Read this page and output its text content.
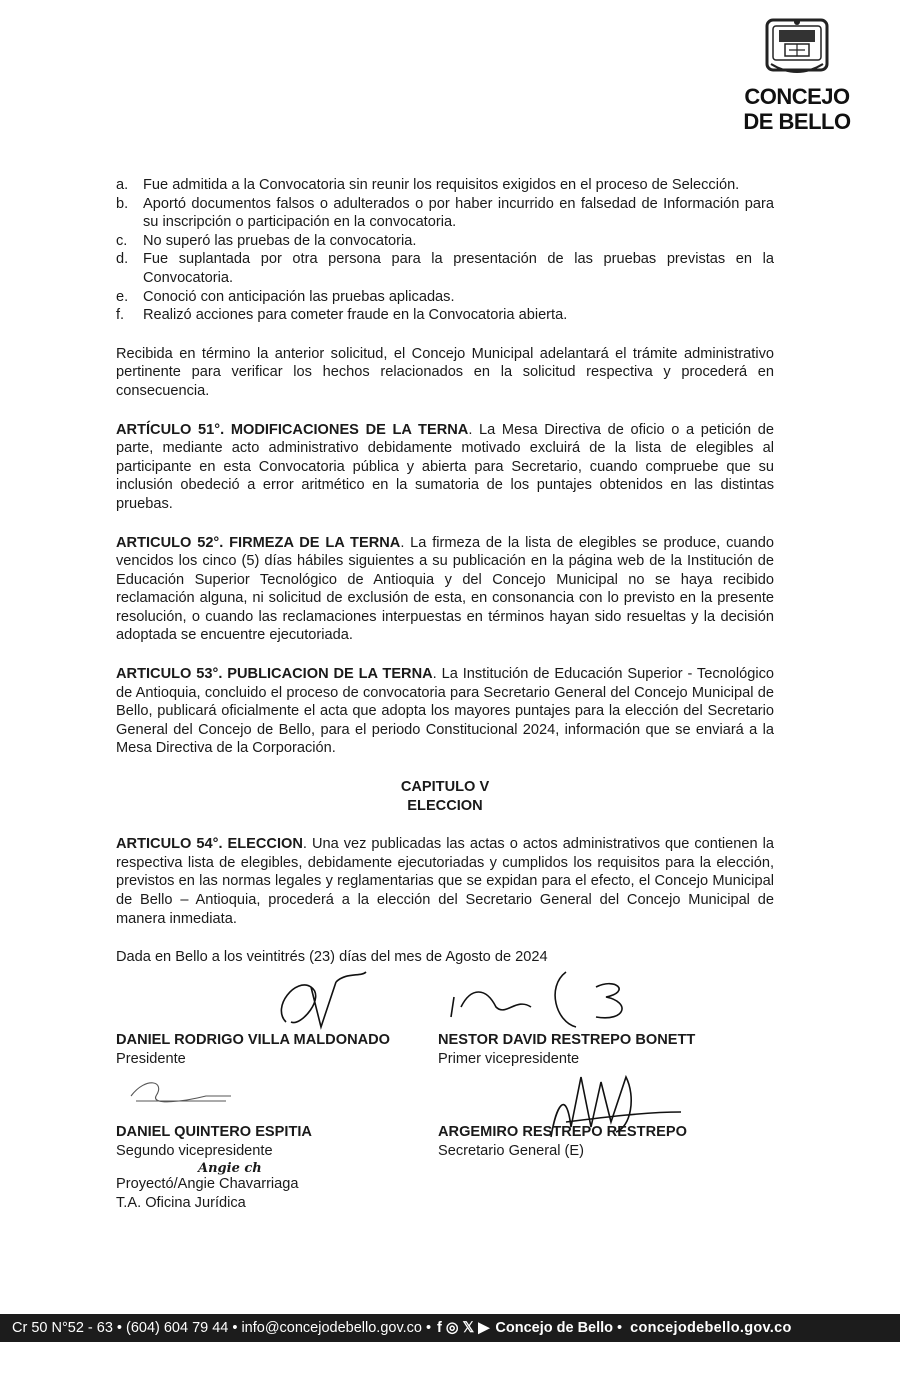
CONCEJO
DE BELLO
a.	Fue admitida a la Convocatoria sin reunir los requisitos exigidos en el proceso de Selección.
b.	Aportó documentos falsos o adulterados o por haber incurrido en falsedad de Información para su inscripción o participación en la convocatoria.
c.	No superó las pruebas de la convocatoria.
d.	Fue suplantada por otra persona para la presentación de las pruebas previstas en la Convocatoria.
e.	Conoció con anticipación las pruebas aplicadas.
f.	Realizó acciones para cometer fraude en la Convocatoria abierta.

Recibida en término la anterior solicitud, el Concejo Municipal adelantará el trámite administrativo pertinente para verificar los hechos relacionados en la solicitud respectiva y procederá en consecuencia.

ARTÍCULO 51°. MODIFICACIONES DE LA TERNA. La Mesa Directiva de oficio o a petición de parte, mediante acto administrativo debidamente motivado excluirá de la lista de elegibles al participante en esta Convocatoria pública y abierta para Secretario, cuando compruebe que su inclusión obedeció a error aritmético en la sumatoria de los puntajes obtenidos en las distintas pruebas.

ARTICULO 52°. FIRMEZA DE LA TERNA. La firmeza de la lista de elegibles se produce, cuando vencidos los cinco (5) días hábiles siguientes a su publicación en la página web de la Institución de Educación Superior Tecnológico de Antioquia y del Concejo Municipal no se haya recibido reclamación alguna, ni solicitud de exclusión de esta, en consonancia con lo previsto en la presente resolución, o cuando las reclamaciones interpuestas en términos hayan sido resueltas y la decisión adoptada se encuentre ejecutoriada.

ARTICULO 53°. PUBLICACION DE LA TERNA. La Institución de Educación Superior - Tecnológico de Antioquia, concluido el proceso de convocatoria para Secretario General del Concejo Municipal de Bello, publicará oficialmente el acta que adopta los mayores puntajes para la elección del Secretario General del Concejo de Bello, para el periodo Constitucional 2024, información que se enviará a la Mesa Directiva de la Corporación.

CAPITULO V
ELECCION

ARTICULO 54°. ELECCION. Una vez publicadas las actas o actos administrativos que contienen la respectiva lista de elegibles, debidamente ejecutoriadas y cumplidos los requisitos para la elección, previstos en las normas legales y reglamentarias que se expidan para el efecto, el Concejo Municipal de Bello – Antioquia, procederá a la elección del Secretario General del Concejo Municipal de manera inmediata.

Dada en Bello a los veintitrés (23) días del mes de Agosto de 2024

DANIEL RODRIGO VILLA MALDONADO
Presidente
NESTOR DAVID RESTREPO BONETT
Primer vicepresidente
DANIEL QUINTERO ESPITIA
Segundo vicepresidente
ARGEMIRO RESTREPO RESTREPO
Secretario General (E)
Angie ch
Proyectó/Angie Chavarriaga
T.A. Oficina Jurídica
Cr 50 N°52 - 63 • (604) 604 79 44 • info@concejodebello.gov.co • f ◎ 𝕏 ▶ Concejo de Bello • concejodebello.gov.co
